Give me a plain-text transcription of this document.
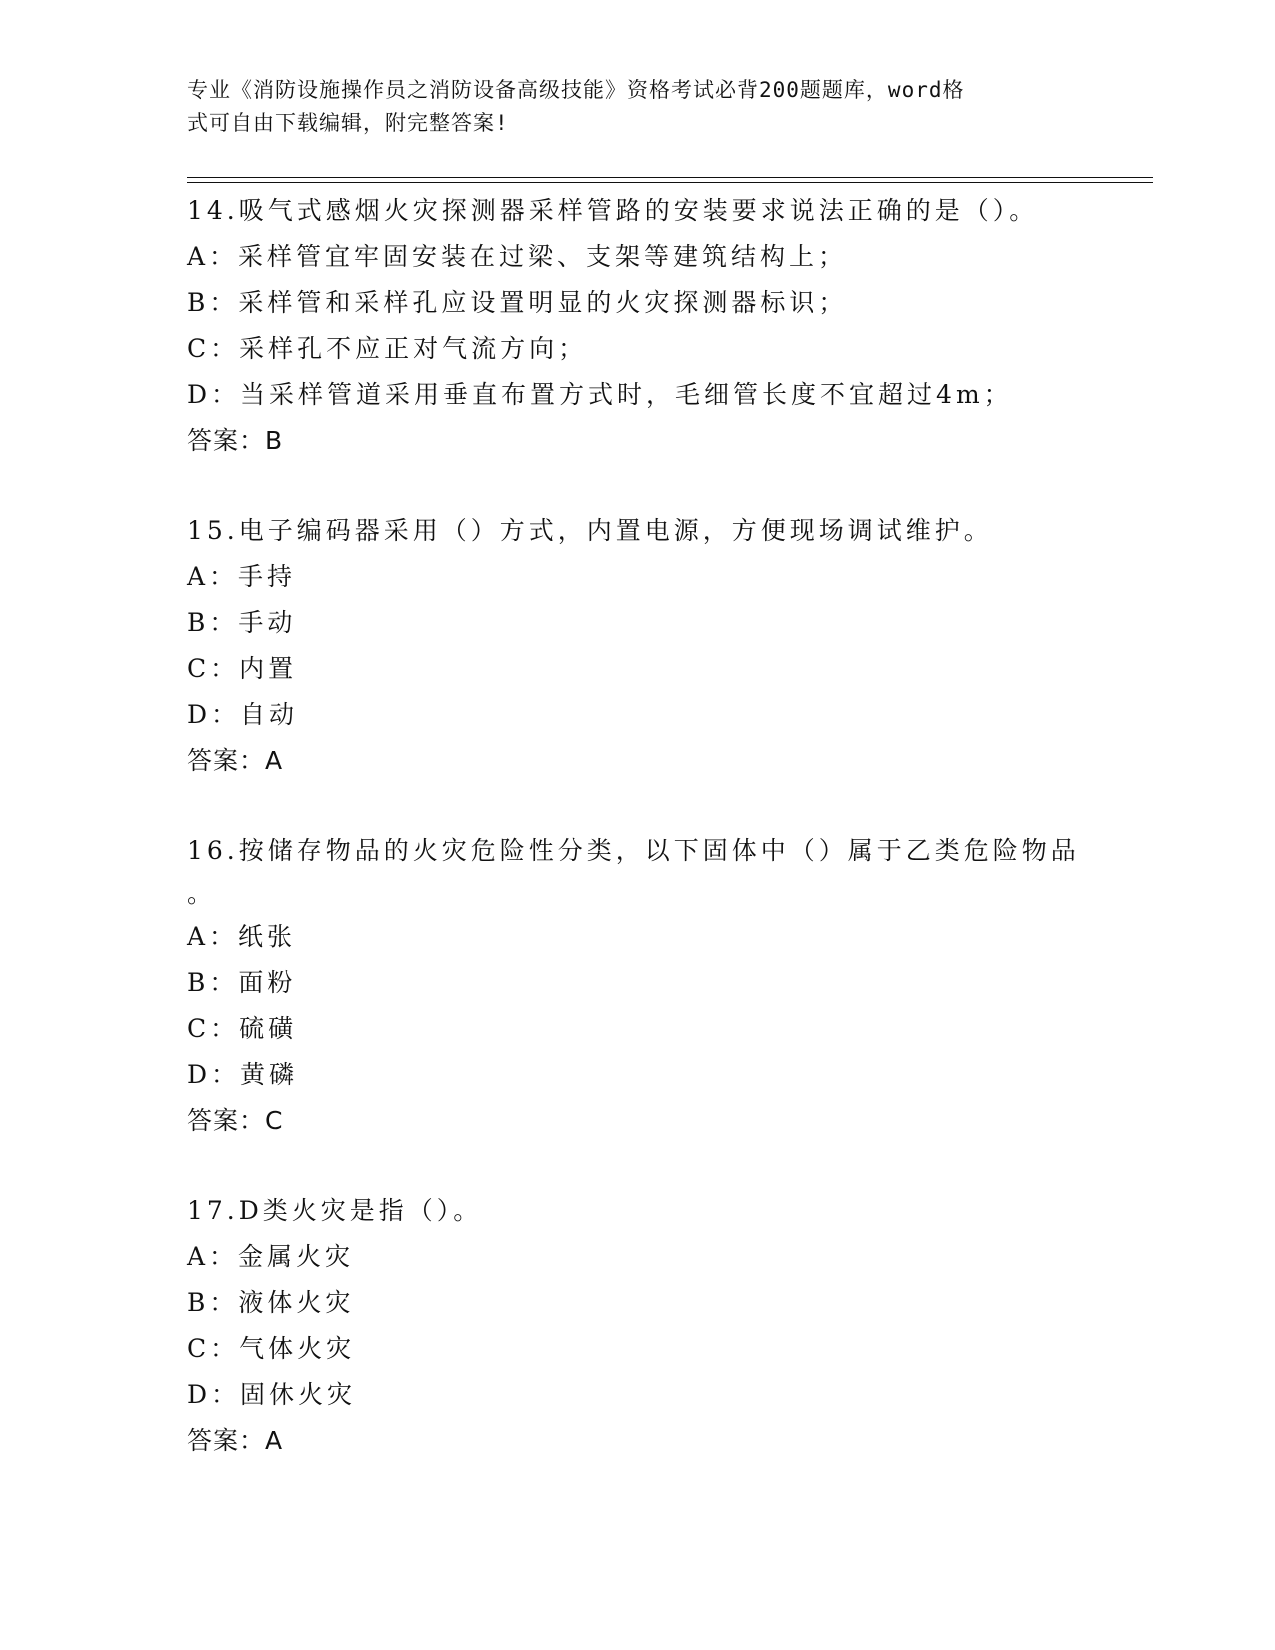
专业《消防设施操作员之消防设备高级技能》资格考试必背200题题库，word格
式可自由下载编辑，附完整答案!
14.吸气式感烟火灾探测器采样管路的安装要求说法正确的是（）。
A：采样管宜牢固安装在过梁、支架等建筑结构上；
B：采样管和采样孔应设置明显的火灾探测器标识；
C：采样孔不应正对气流方向；
D：当采样管道采用垂直布置方式时，毛细管长度不宜超过4m；
答案：B
15.电子编码器采用（）方式，内置电源，方便现场调试维护。
A：手持
B：手动
C：内置
D：自动
答案：A
16.按储存物品的火灾危险性分类，以下固体中（）属于乙类危险物品
。
A：纸张
B：面粉
C：硫磺
D：黄磷
答案：C
17.D类火灾是指（）。
A：金属火灾
B：液体火灾
C：气体火灾
D：固休火灾
答案：A
